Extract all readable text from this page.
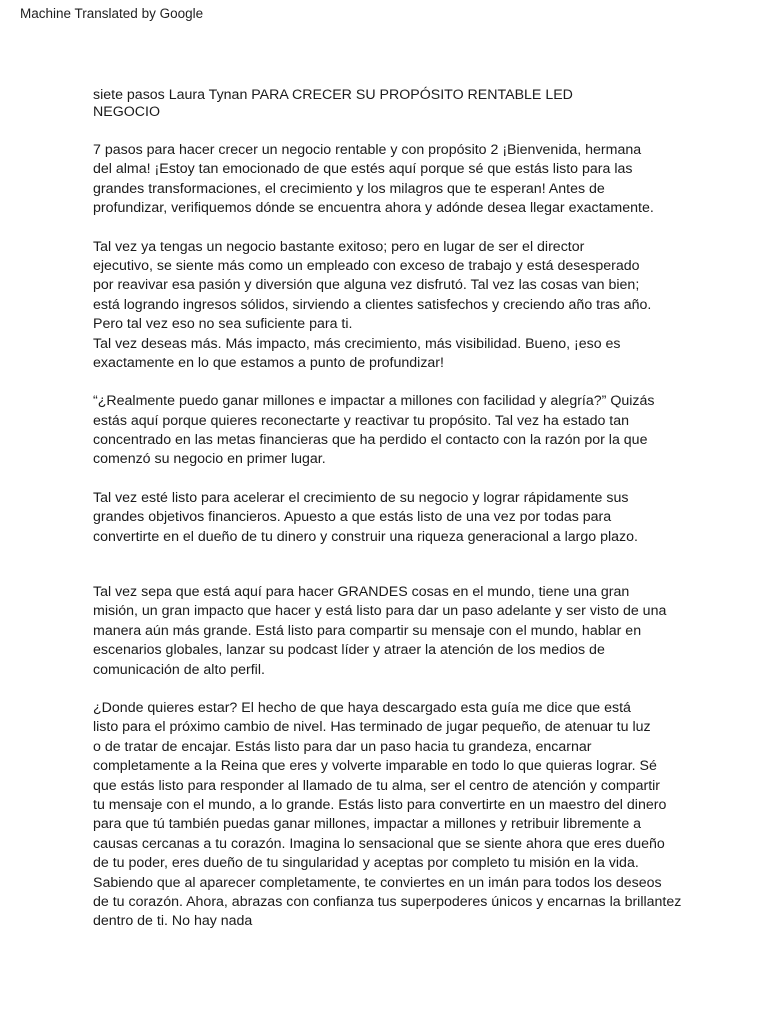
Machine Translated by Google
siete pasos Laura Tynan PARA CRECER SU PROPÓSITO RENTABLE LED
NEGOCIO
7 pasos para hacer crecer un negocio rentable y con propósito 2 ¡Bienvenida, hermana
del alma! ¡Estoy tan emocionado de que estés aquí porque sé que estás listo para las
grandes transformaciones, el crecimiento y los milagros que te esperan! Antes de
profundizar, verifiquemos dónde se encuentra ahora y adónde desea llegar exactamente.
Tal vez ya tengas un negocio bastante exitoso; pero en lugar de ser el director
ejecutivo, se siente más como un empleado con exceso de trabajo y está desesperado
por reavivar esa pasión y diversión que alguna vez disfrutó. Tal vez las cosas van bien;
está logrando ingresos sólidos, sirviendo a clientes satisfechos y creciendo año tras año.
Pero tal vez eso no sea suficiente para ti.
Tal vez deseas más. Más impacto, más crecimiento, más visibilidad. Bueno, ¡eso es
exactamente en lo que estamos a punto de profundizar!
“¿Realmente puedo ganar millones e impactar a millones con facilidad y alegría?” Quizás
estás aquí porque quieres reconectarte y reactivar tu propósito. Tal vez ha estado tan
concentrado en las metas financieras que ha perdido el contacto con la razón por la que
comenzó su negocio en primer lugar.
Tal vez esté listo para acelerar el crecimiento de su negocio y lograr rápidamente sus
grandes objetivos financieros. Apuesto a que estás listo de una vez por todas para
convertirte en el dueño de tu dinero y construir una riqueza generacional a largo plazo.
Tal vez sepa que está aquí para hacer GRANDES cosas en el mundo, tiene una gran
misión, un gran impacto que hacer y está listo para dar un paso adelante y ser visto de una
manera aún más grande. Está listo para compartir su mensaje con el mundo, hablar en
escenarios globales, lanzar su podcast líder y atraer la atención de los medios de
comunicación de alto perfil.
¿Donde quieres estar? El hecho de que haya descargado esta guía me dice que está
listo para el próximo cambio de nivel. Has terminado de jugar pequeño, de atenuar tu luz
o de tratar de encajar. Estás listo para dar un paso hacia tu grandeza, encarnar
completamente a la Reina que eres y volverte imparable en todo lo que quieras lograr. Sé
que estás listo para responder al llamado de tu alma, ser el centro de atención y compartir
tu mensaje con el mundo, a lo grande. Estás listo para convertirte en un maestro del dinero
para que tú también puedas ganar millones, impactar a millones y retribuir libremente a
causas cercanas a tu corazón. Imagina lo sensacional que se siente ahora que eres dueño
de tu poder, eres dueño de tu singularidad y aceptas por completo tu misión en la vida.
Sabiendo que al aparecer completamente, te conviertes en un imán para todos los deseos
de tu corazón. Ahora, abrazas con confianza tus superpoderes únicos y encarnas la brillantez
dentro de ti. No hay nada
